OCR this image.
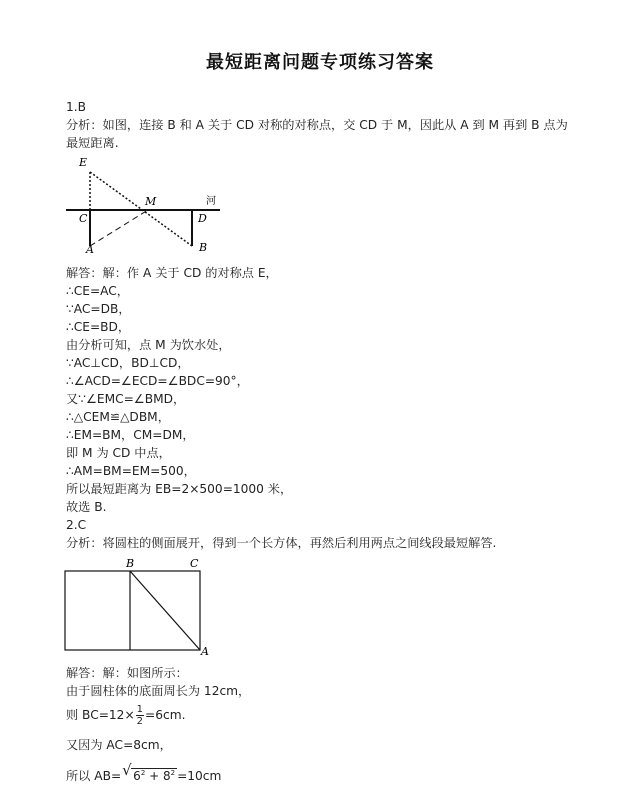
最短距离问题专项练习答案
1.B
分析：如图，连接 B 和 A 关于 CD 对称的对称点，交 CD 于 M，因此从 A 到 M 再到 B 点为
最短距离.
E
C
M
D
A	B
河
解答：解：作 A 关于 CD 的对称点 E，
∴CE=AC，
∵AC=DB，
∴CE=BD，
由分析可知，点 M 为饮水处，
∵AC⊥CD，BD⊥CD，
∴∠ACD=∠ECD=∠BDC=90°，
又∵∠EMC=∠BMD，
∴△CEM≌△DBM，
∴EM=BM，CM=DM，
即 M 为 CD 中点，
∴AM=BM=EM=500，
所以最短距离为 EB=2×500=1000 米，
故选 B.
2.C
分析：将圆柱的侧面展开，得到一个长方体，再然后利用两点之间线段最短解答.
B	C
A
解答：解：如图所示：
由于圆柱体的底面周长为 12cm，
则 $BC=12\times \frac{1}{2} =6cm$.
又因为 AC=8cm，
所以 AB= √ $6^2 + 8^2 =10cm$
